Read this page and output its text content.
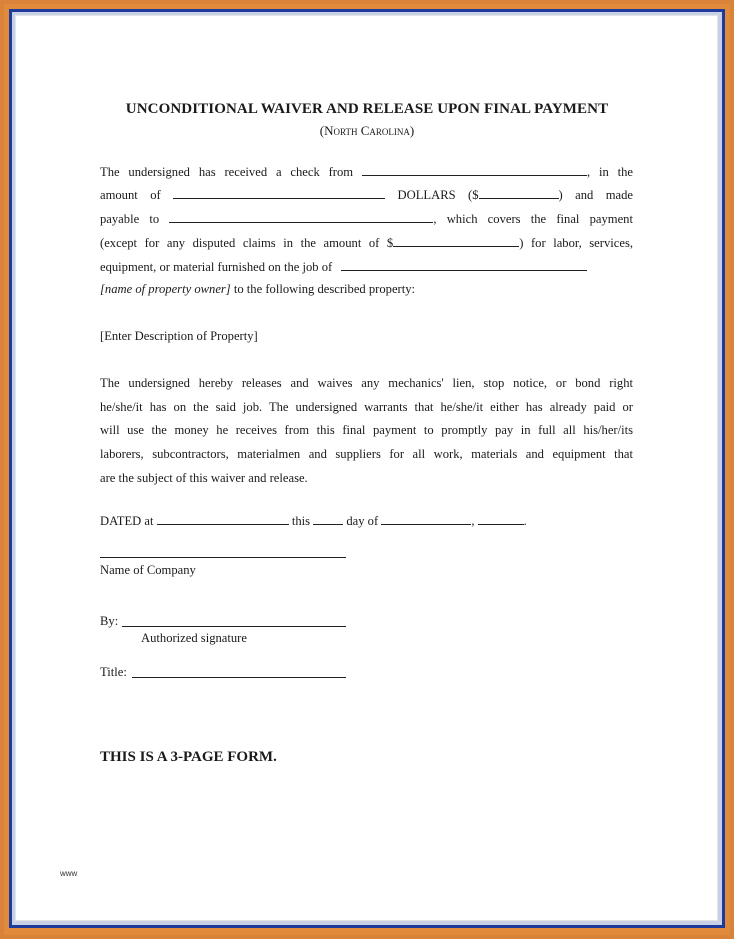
UNCONDITIONAL WAIVER AND RELEASE UPON FINAL PAYMENT
(North Carolina)
The undersigned has received a check from	, in the
amount of	DOLLARS ($	) and made
payable to	, which covers the final payment
(except for any disputed claims in the amount of $	) for labor, services,
equipment, or material furnished on the job of
[name of property owner] to the following described property:
[Enter Description of Property]
The undersigned hereby releases and waives any mechanics' lien, stop notice, or bond right
he/she/it has on the said job. The undersigned warrants that he/she/it either has already paid or
will use the money he receives from this final payment to promptly pay in full all his/her/its
laborers, subcontractors, materialmen and suppliers for all work, materials and equipment that
are the subject of this waiver and release.
DATED at	this	day of	,	.
Name of Company
By:
Authorized signature
Title:
THIS IS A 3-PAGE FORM.
www
